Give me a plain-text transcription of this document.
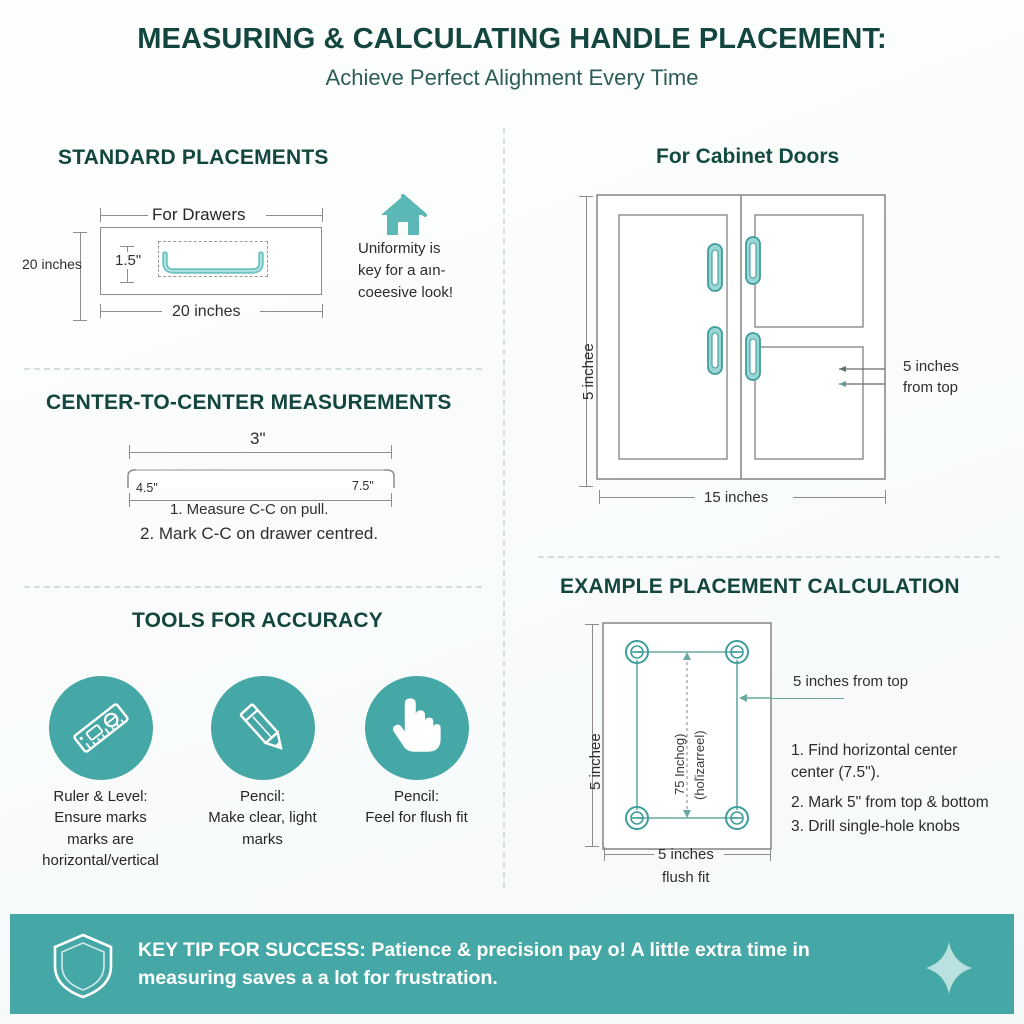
MEASURING & CALCULATING HANDLE PLACEMENT:
Achieve Perfect Alighment Every Time
STANDARD PLACEMENTS
For Drawers
1.5"
20 inches
20 inches
Uniformity is
key for a aın-
coeesive look!
CENTER-TO-CENTER MEASUREMENTS
3"
4.5"	7.5"
1. Measure C-C on pull.
2. Mark C-C on drawer centred.
TOOLS FOR ACCURACY
Ruler & Level:
Ensure marks
marks are
horizontal/vertical
Pencil:
Make clear, light
marks
Pencil:
Feel for flush fit
For Cabinet Doors
5 inchee
15 inches
5 inches
from top
EXAMPLE PLACEMENT CALCULATION
5 inches from top
5 inchee	75 Inchog) (hoľizarreel)
5 inches
flush fit
1. Find horizontal center
center (7.5").
2. Mark 5" from top & bottom
3. Drill single-hole knobs
KEY TIP FOR SUCCESS: Patience & precision pay o! A little extra time in
measuring saves a a lot for frustration.
